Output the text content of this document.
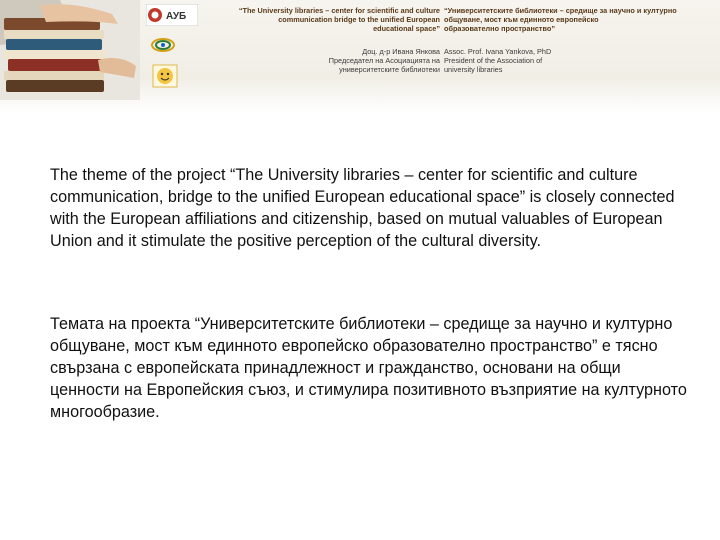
АУБ
“The University libraries – center for scientific and culture
communication bridge to the unified European
educational space”
Доц. д-р Ивана Янкова
Председател на Асоциацията на
университетските библиотеки
“Университетските библиотеки – средище за научно и културно
общуване, мост към единното европейско
образователно пространство”
Assoc. Prof. Ivana Yankova, PhD
President of the Association of
university libraries

The theme of the project “The University libraries – center for scientific and culture communication, bridge to the unified European educational space” is closely connected with the European affiliations and citizenship, based on mutual valuables of European Union and it stimulate the positive perception of the cultural diversity.

Темата на проекта “Университетските библиотеки – средище за научно и културно общуване, мост към единното европейско образователно пространство” е тясно свързана с европейската принадлежност и гражданство, основани на общи ценности на Европейския съюз, и стимулира позитивното възприятие на културното многообразие.
